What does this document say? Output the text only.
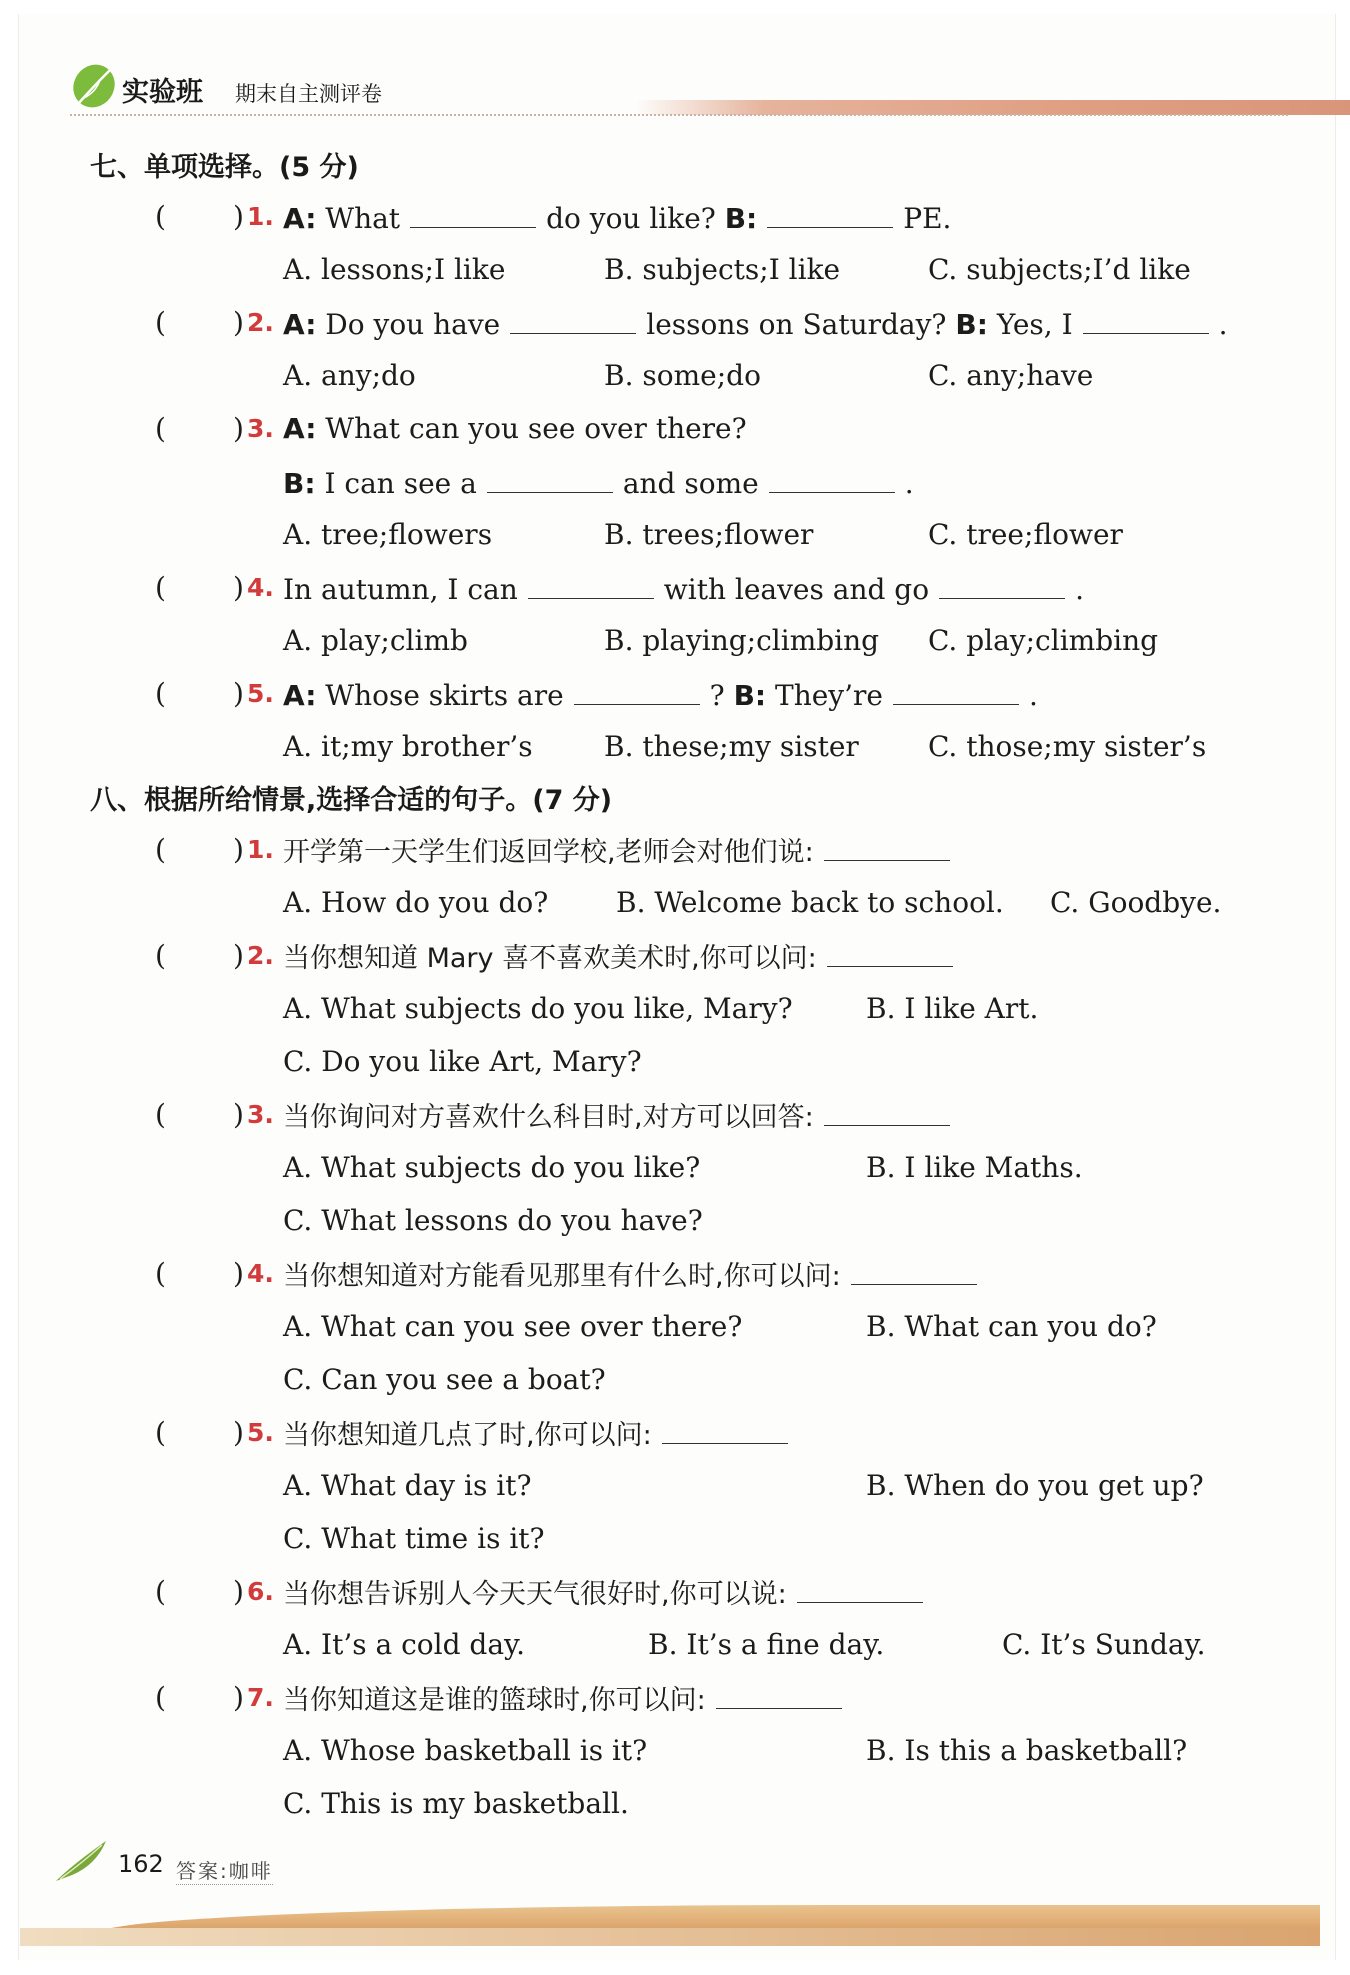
实验班 期末自主测评卷
七、单项选择。(5 分)
( ) 1. A: What	do you like? B:	PE.
A. lessons;I like	B. subjects;I like	C. subjects;I’d like
( ) 2. A: Do you have	lessons on Saturday? B: Yes, I	.
A. any;do	B. some;do	C. any;have
( ) 3. A: What can you see over there?
B: I can see a	and some	.
A. tree;flowers	B. trees;flower	C. tree;flower
( ) 4. In autumn, I can	with leaves and go	.
A. play;climb	B. playing;climbing C. play;climbing
( ) 5. A: Whose skirts are	? B: They’re	.
A. it;my brother’s	B. these;my sister C. those;my sister’s
八、根据所给情景,选择合适的句子。(7 分)
( ) 1. 开学第一天学生们返回学校,老师会对他们说:
A. How do you do? B. Welcome back to school. C. Goodbye.
( ) 2. 当你想知道 Mary 喜不喜欢美术时,你可以问:
A. What subjects do you like, Mary?	B. I like Art.
C. Do you like Art, Mary?
( ) 3. 当你询问对方喜欢什么科目时,对方可以回答:
A. What subjects do you like?	B. I like Maths.
C. What lessons do you have?
( ) 4. 当你想知道对方能看见那里有什么时,你可以问:
A. What can you see over there?	B. What can you do?
C. Can you see a boat?
( ) 5. 当你想知道几点了时,你可以问:
A. What day is it?	B. When do you get up?
C. What time is it?
( ) 6. 当你想告诉别人今天天气很好时,你可以说:
A. It’s a cold day.	B. It’s a fine day.	C. It’s Sunday.
( ) 7. 当你知道这是谁的篮球时,你可以问:
A. Whose basketball is it?	B. Is this a basketball?
C. This is my basketball.
162 答案:咖啡
